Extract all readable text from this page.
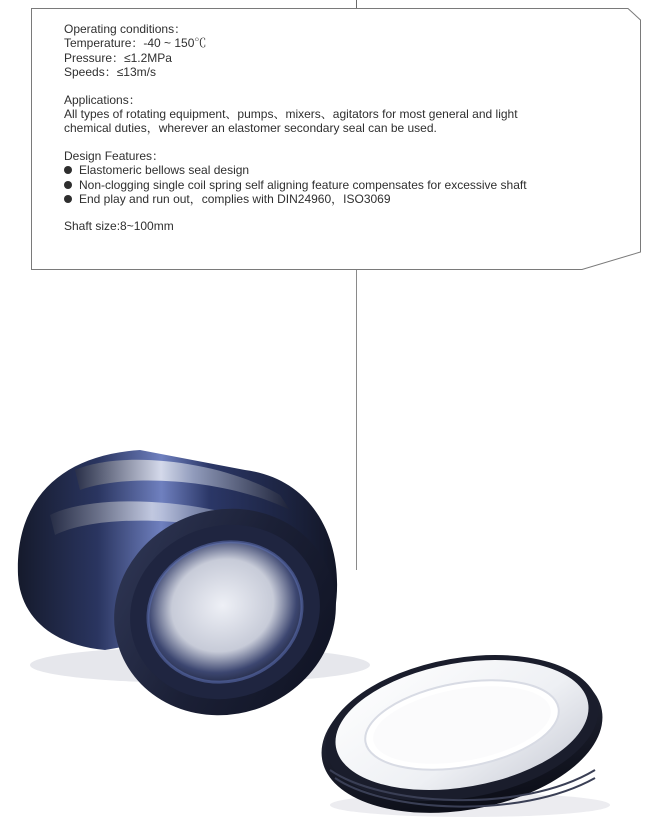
Operating conditions：
Temperature：-40 ~ 150℃
Pressure：≤1.2MPa
Speeds：≤13m/s
Applications：
All types of rotating equipment、pumps、mixers、agitators for most general and light
chemical duties，wherever an elastomer secondary seal can be used.
Design Features：
Elastomeric bellows seal design
Non-clogging single coil spring self aligning feature compensates for excessive shaft
End play and run out，complies with DIN24960，ISO3069
Shaft size:8~100mm
